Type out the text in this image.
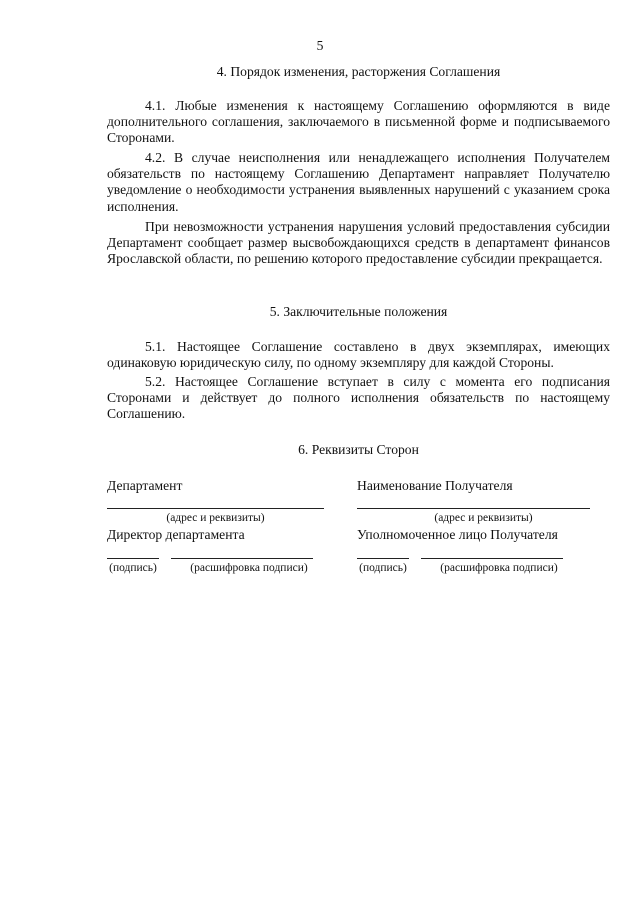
5
4. Порядок изменения, расторжения Соглашения

4.1. Любые изменения к настоящему Соглашению оформляются в виде дополнительного соглашения, заключаемого в письменной форме и подписываемого Сторонами.

4.2. В случае неисполнения или ненадлежащего исполнения Получателем обязательств по настоящему Соглашению Департамент направляет Получателю уведомление о необходимости устранения выявленных нарушений с указанием срока исполнения.

При невозможности устранения нарушения условий предоставления субсидии Департамент сообщает размер высвобождающихся средств в департамент финансов Ярославской области, по решению которого предоставление субсидии прекращается.

5. Заключительные положения

5.1. Настоящее Соглашение составлено в двух экземплярах, имеющих одинаковую юридическую силу, по одному экземпляру для каждой Стороны.

5.2. Настоящее Соглашение вступает в силу с момента его подписания Сторонами и действует до полного исполнения обязательств по настоящему Соглашению.

6. Реквизиты Сторон
Департамент
(адрес и реквизиты)
Директор департамента
(подпись)	(расшифровка подписи)
Наименование Получателя
(адрес и реквизиты)
Уполномоченное лицо Получателя
(подпись)	(расшифровка подписи)
